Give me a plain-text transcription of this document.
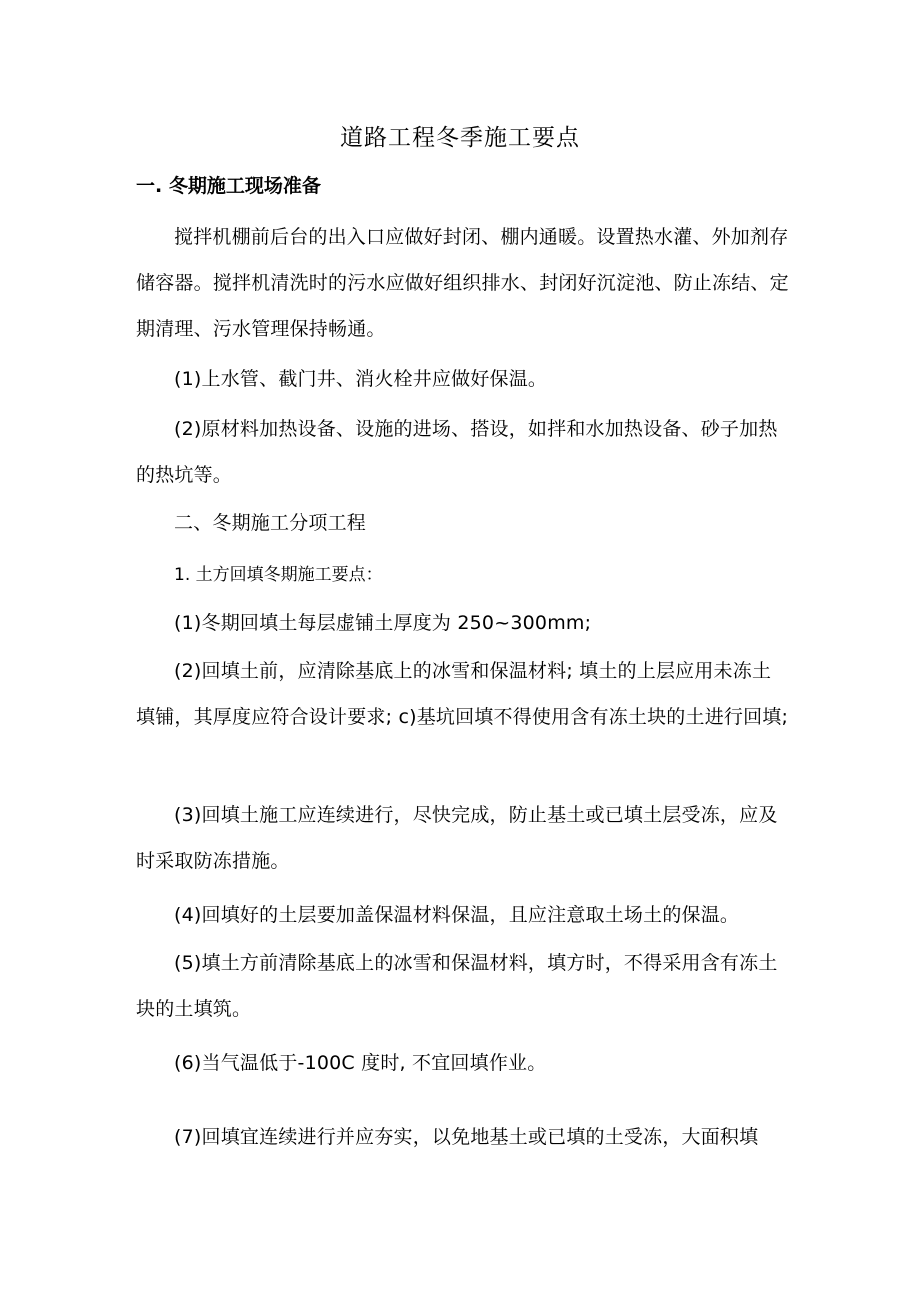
道路工程冬季施工要点
一. 冬期施工现场准备

搅拌机棚前后台的出入口应做好封闭、棚内通暖。设置热水灌、外加剂存储容器。搅拌机清洗时的污水应做好组织排水、封闭好沉淀池、防止冻结、定期清理、污水管理保持畅通。

(1)上水管、截门井、消火栓井应做好保温。

(2)原材料加热设备、设施的进场、搭设，如拌和水加热设备、砂子加热的热坑等。

二、冬期施工分项工程

1. 土方回填冬期施工要点：

(1)冬期回填土每层虚铺土厚度为 250~300mm;

(2)回填土前，应清除基底上的冰雪和保温材料; 填土的上层应用未冻土填铺，其厚度应符合设计要求; c)基坑回填不得使用含有冻土块的土进行回填;

(3)回填土施工应连续进行，尽快完成，防止基土或已填土层受冻，应及时采取防冻措施。

(4)回填好的土层要加盖保温材料保温，且应注意取土场土的保温。

(5)填土方前清除基底上的冰雪和保温材料，填方时，不得采用含有冻土块的土填筑。

(6)当气温低于-100C 度时, 不宜回填作业。

(7)回填宜连续进行并应夯实，以免地基土或已填的土受冻，大面积填
